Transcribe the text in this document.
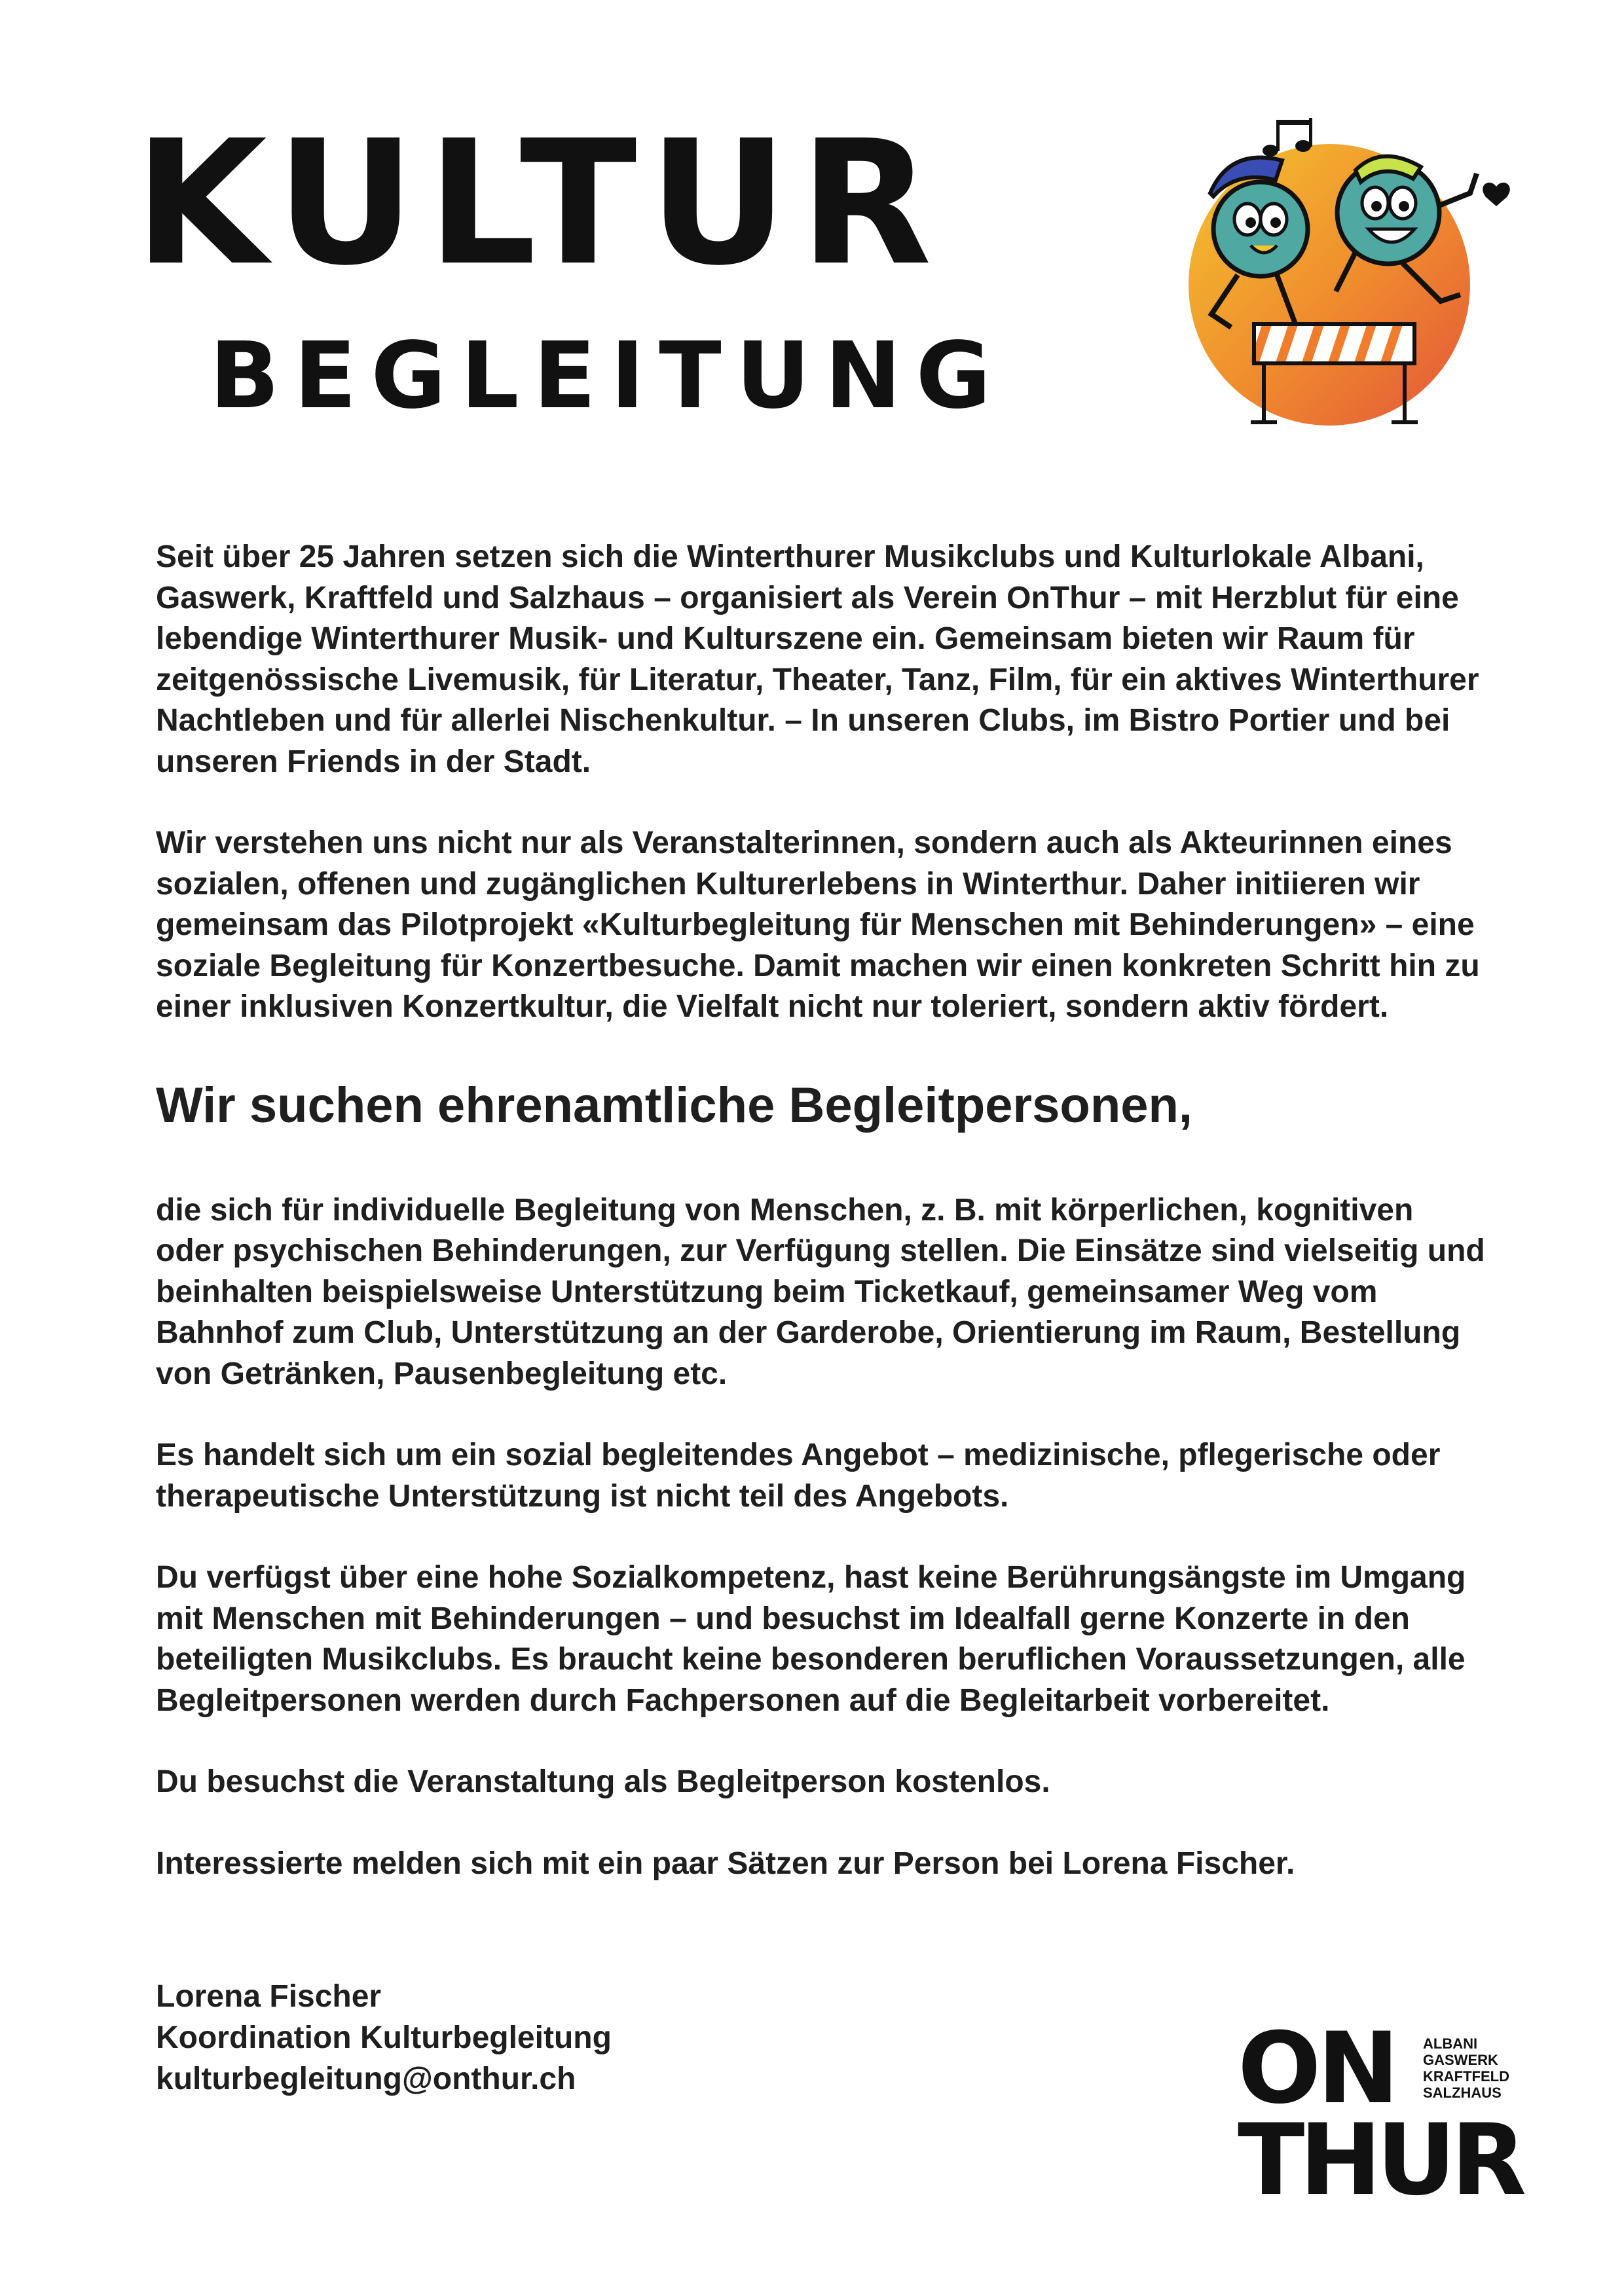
KULTUR
BEGLEITUNG

Seit über 25 Jahren setzen sich die Winterthurer Musikclubs und Kulturlokale Albani, Gaswerk, Kraftfeld und Salzhaus – organisiert als Verein OnThur – mit Herzblut für eine lebendige Winterthurer Musik- und Kulturszene ein. Gemeinsam bieten wir Raum für zeitgenössische Livemusik, für Literatur, Theater, Tanz, Film, für ein aktives Winterthurer Nachtleben und für allerlei Nischenkultur. – In unseren Clubs, im Bistro Portier und bei unseren Friends in der Stadt.

Wir verstehen uns nicht nur als Veranstalterinnen, sondern auch als Akteurinnen eines sozialen, offenen und zugänglichen Kulturerlebens in Winterthur. Daher initiieren wir gemeinsam das Pilotprojekt «Kulturbegleitung für Menschen mit Behinderungen» – eine soziale Begleitung für Konzertbesuche. Damit machen wir einen konkreten Schritt hin zu einer inklusiven Konzertkultur, die Vielfalt nicht nur toleriert, sondern aktiv fördert.

Wir suchen ehrenamtliche Begleitpersonen,

die sich für individuelle Begleitung von Menschen, z. B. mit körperlichen, kognitiven oder psychischen Behinderungen, zur Verfügung stellen. Die Einsätze sind vielseitig und beinhalten beispielsweise Unterstützung beim Ticketkauf, gemeinsamer Weg vom Bahnhof zum Club, Unterstützung an der Garderobe, Orientierung im Raum, Bestellung von Getränken, Pausenbegleitung etc.

Es handelt sich um ein sozial begleitendes Angebot – medizinische, pflegerische oder therapeutische Unterstützung ist nicht teil des Angebots.

Du verfügst über eine hohe Sozialkompetenz, hast keine Berührungsängste im Umgang mit Menschen mit Behinderungen – und besuchst im Idealfall gerne Konzerte in den beteiligten Musikclubs. Es braucht keine besonderen beruflichen Voraussetzungen, alle Begleitpersonen werden durch Fachpersonen auf die Begleitarbeit vorbereitet.

Du besuchst die Veranstaltung als Begleitperson kostenlos.

Interessierte melden sich mit ein paar Sätzen zur Person bei Lorena Fischer.

Lorena Fischer

Koordination Kulturbegleitung

kulturbegleitung@onthur.ch	ON ALBANI
GASWERK
KRAFTFELD
SALZHAUS
THUR
